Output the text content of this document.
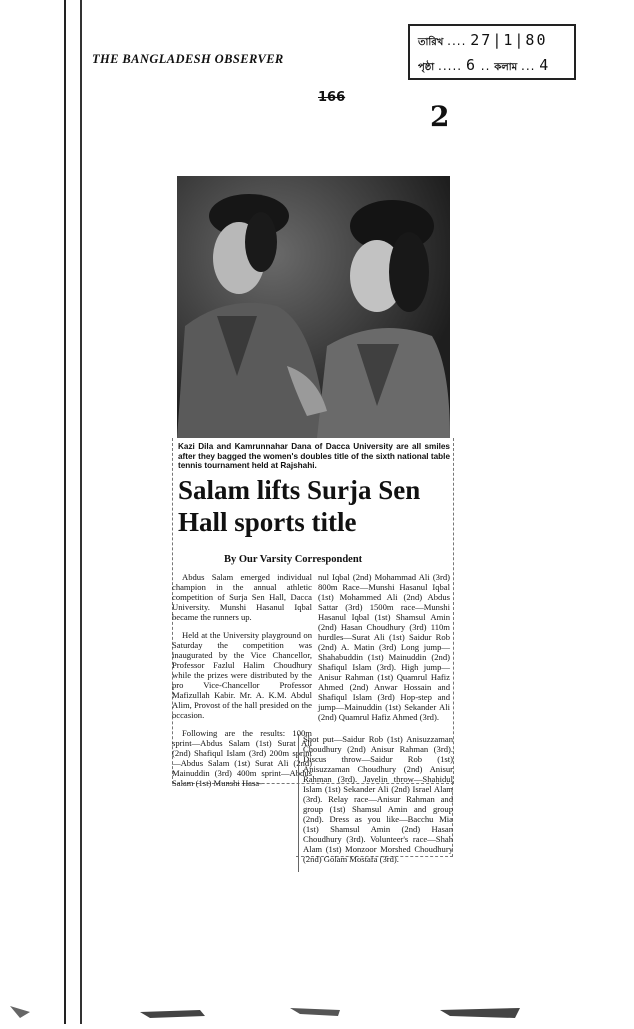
THE BANGLADESH OBSERVER
তারিখ .... 27|1|80
পৃষ্ঠা ..... 6 .. কলাম ... 4
166
2
Kazi Dila and Kamrunnahar Dana of Dacca University are all smiles after they bagged the women's doubles title of the sixth national table tennis tournament held at Rajshahi.
Salam lifts Surja Sen Hall sports title
By Our Varsity Correspondent

Abdus Salam emerged individual champion in the annual athletic competition of Surja Sen Hall, Dacca University. Munshi Hasanul Iqbal became the runners up.

Held at the University playground on Saturday the competition was inaugurated by the Vice Chancellor, Professor Fazlul Halim Choudhury while the prizes were distributed by the pro Vice-Chancellor Professor Mafizullah Kabir. Mr. A. K.M. Abdul Alim, Provost of the hall presided on the occasion.

Following are the results: 100m sprint—Abdus Salam (1st) Surat Ali (2nd) Shafiqul Islam (3rd) 200m sprint—Abdus Salam (1st) Surat Ali (2nd) Mainuddin (3rd) 400m sprint—Abdus Salam (1st) Munshi Hasa-

nul Iqbal (2nd) Mohammad Ali (3rd) 800m Race—Munshi Hasanul Iqbal (1st) Mohammed Ali (2nd) Abdus Sattar (3rd) 1500m race—Munshi Hasanul Iqbal (1st) Shamsul Amin (2nd) Hasan Choudhury (3rd) 110m hurdles—Surat Ali (1st) Saidur Rob (2nd) A. Matin (3rd) Long jump—Shahabuddin (1st) Mainuddin (2nd) Shafiqul Islam (3rd). High jump—Anisur Rahman (1st) Quamrul Hafiz Ahmed (2nd) Anwar Hossain and Shafiqul Islam (3rd) Hop-step and jump—Mainuddin (1st) Sekander Ali (2nd) Quamrul Hafiz Ahmed (3rd).

Shot put—Saidur Rob (1st) Anisuzzaman Choudhury (2nd) Anisur Rahman (3rd). Discus throw—Saidur Rob (1st) Anisuzzaman Choudhury (2nd) Anisur Rahman (3rd). Javelin throw—Shahidul Islam (1st) Sekander Ali (2nd) Israel Alam (3rd). Relay race—Anisur Rahman and group (1st) Shamsul Amin and group (2nd). Dress as you like—Bacchu Mia (1st) Shamsul Amin (2nd) Hasan Choudhury (3rd). Volunteer's race—Shah Alam (1st) Monzoor Morshed Choudhury (2nd) Golam Mostafa (3rd).
